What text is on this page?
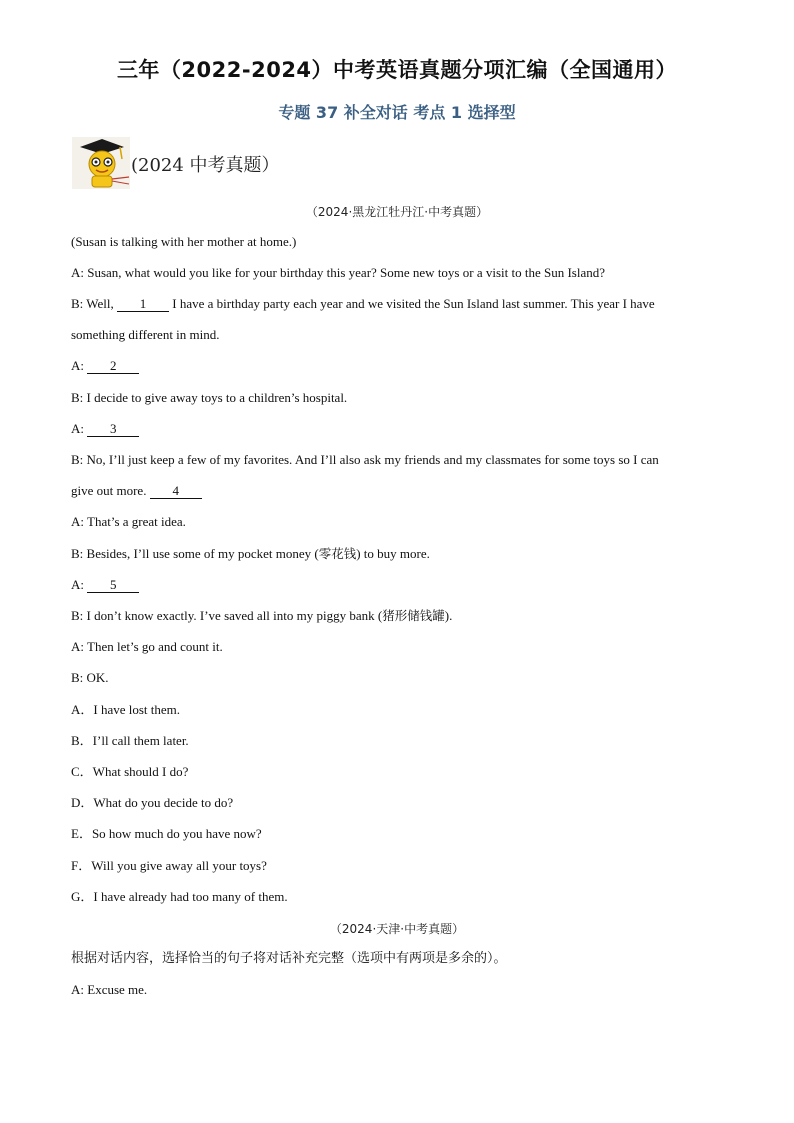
三年（2022-2024）中考英语真题分项汇编（全国通用）
专题 37 补全对话 考点 1 选择型
(2024 中考真题）
（2024·黑龙江牡丹江·中考真题）
(Susan is talking with her mother at home.)
A: Susan, what would you like for your birthday this year? Some new toys or a visit to the Sun Island?
B: Well, 1 I have a birthday party each year and we visited the Sun Island last summer. This year I have
something different in mind.
A: 2
B: I decide to give away toys to a children’s hospital.
A: 3
B: No, I’ll just keep a few of my favorites. And I’ll also ask my friends and my classmates for some toys so I can
give out more. 4
A: That’s a great idea.
B: Besides, I’ll use some of my pocket money (零花钱) to buy more.
A: 5
B: I don’t know exactly. I’ve saved all into my piggy bank (猪形储钱罐).
A: Then let’s go and count it.
B: OK.
A．I have lost them.
B．I’ll call them later.
C．What should I do?
D．What do you decide to do?
E．So how much do you have now?
F．Will you give away all your toys?
G．I have already had too many of them.
（2024·天津·中考真题）
根据对话内容，选择恰当的句子将对话补充完整（选项中有两项是多余的）。
A: Excuse me.
